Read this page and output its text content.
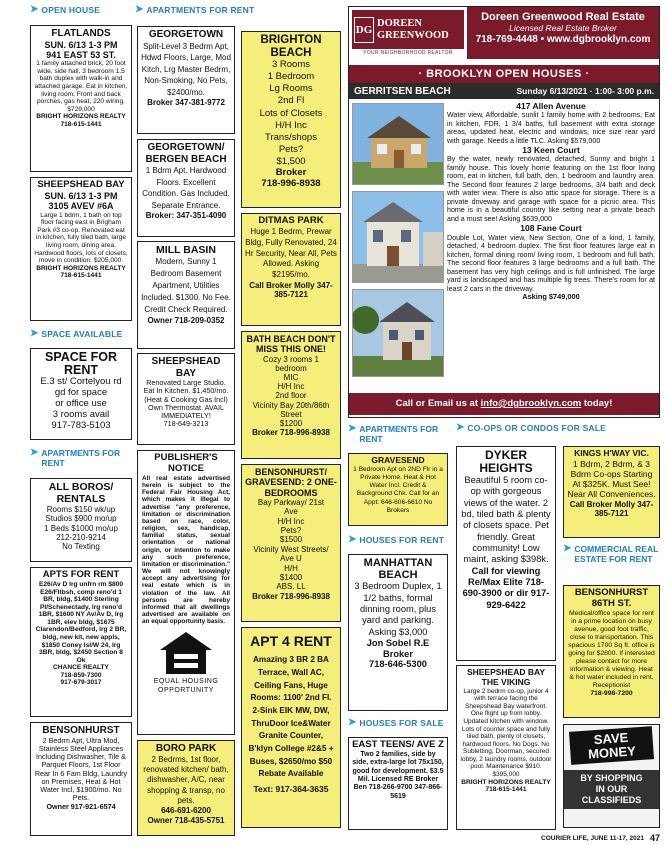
➤ OPEN HOUSE	➤ APARTMENTS FOR RENT
FLATLANDS
SUN. 6/13 1-3 PM
941 EAST 53 ST.
1 family attached brick, 20 foot wide, side hall, 3 bedroom 1.5 bath duplex with walk-in and attached garage. Eat in kitchen, living room. Front and back porches, gas heat, 220 wiring. $729,000
BRIGHT HORIZONS REALTY
718-615-1441
SHEEPSHEAD BAY
SUN. 6/13 1-3 PM
3105 AVEV #6A
Large 1 bdrm, 1 bath on top floor facing east in Brigham Park #3 co-op. Renovated eat in kitchen, fully tiled bath, large living room, dining area. Hardwood floors, lots of closets, move in condition. $205,000.
BRIGHT HORIZONS REALTY
718-615-1441
➤ SPACE AVAILABLE
SPACE FOR RENT
E.3 st/ Cortelyou rd
gd for space
or office use
3 rooms avail
917-783-5103
➤ APARTMENTS FOR RENT
ALL BOROS/ RENTALS
Rooms $150 wk/up
Studios $900 mo/up
1 Beds $1000 mo/up
212-210-9214
No Texting
APTS FOR RENT
E26/Av D lrg unfrn rm $800 E26/Fltbsh, comp reno'd 1 BR, bldg, $1400 Sterling Pl/Schenectady, lrg reno'd 1BR, $1600 NY Av/Av D, lrg 1BR, elev bldg, $1675 Clarendon/Bedford, lrg 2 BR, bldg, new kit, new appls, $1850 Coney Isl/W 24, lrg 3BR, bldg, $2450 Section 8 Ok
CHANCE REALTY
718-859-7300
917-679-3017
BENSONHURST
2 Bedrm Apt, Ultra Mod, Stainless Steel Appliances Including Dishwasher, Tile & Parquet Floors, 1st Floor Rear In 6 Fam Bldg, Laundry on Premises, Heat & Hot Water Incl, $1900/mo. No Pets.
Owner 917-921-6574
GEORGETOWN
Split-Level 3 Bedrm Apt, Hdwd Floors, Large, Mod Kitch, Lrg Master Bedrm, Non-Smoking, No Pets, $2400/mo.
Broker 347-381-9772
GEORGETOWN/ BERGEN BEACH
1 Bdrm Apt. Hardwood Floors. Excellent Condition. Gas Included. Separate Entrance.
Broker: 347-351-4090
MILL BASIN
Modern, Sunny 1 Bedroom Basement Apartment, Utilities Included. $1300. No Fee. Credit Check Required.
Owner 718-209-0352
SHEEPSHEAD BAY
Renovated Large Studio. Eat In Kitchen. $1,450/mo. (Heat & Cooking Gas Incl) Own Thermostat. AVAIL IMMEDIATELY!
718-649-3213
PUBLISHER'S NOTICE
All real estate advertised herein is subject to the Federal Fair Housing Act, which makes it illegal to advertise "any preference, limitation or discrimination based on race, color, religion, sex, handicap, familial status, sexual orientation or national origin, or intention to make any such preference, limitation or discrimination." We will not knowingly accept any advertising for real estate which is in violation of the law. All persons are hereby informed that all dwellings advertised are available on an equal opportunity basis.
EQUAL HOUSING
OPPORTUNITY
BORO PARK
2 Bedrms, 1st floor, renovated kitchen/ bath, dishwasher, A/C, near shopping & transp, no pets.
646-691-6200
Owner 718-435-5751
BRIGHTON BEACH
3 Rooms
1 Bedroom
Lg Rooms
2nd Fl
Lots of Closets
H/H Inc
Trans/shops
Pets?
$1,500
Broker
718-996-8938
DITMAS PARK
Huge 1 Bedrm, Prewar Bldg, Fully Renovated, 24 Hr Security, Near All, Pets Allowed. Asking $2195/mo.
Call Broker Molly 347-385-7121
BATH BEACH DON'T MISS THIS ONE!
Cozy 3 rooms 1
bedroom
MIC
H/H Inc
2nd floor
Vicinity Bay 20th/86th
Street
$1200
Broker 718-996-8938
BENSONHURST/ GRAVESEND: 2 ONE-BEDROOMS
Bay Parkway/ 21st
Ave
H/H Inc
Pets?
$1500
Vicinity West Streets/
Ave U
H/H
$1400
ABS. LL
Broker 718-996-8938
APT 4 RENT
Amazing 3 BR 2 BA Terrace, Wall AC, Ceiling Fans, Huge Rooms: 1100' 2nd Fl. 2-Sink EIK MW, DW, ThruDoor Ice&Water Granite Counter, B'klyn College #2&5 + Buses, $2650/mo $50 Rebate Available
Text: 917-364-3635
DG DOREEN
GREENWOOD
YOUR NEIGHBORHOOD REALTOR
Doreen Greenwood Real Estate
Licensed Real Estate Broker
718-769-4448 • www.dgbrooklyn.com
· BROOKLYN OPEN HOUSES ·
GERRITSEN BEACH	Sunday 6/13/2021 · 1:00- 3:00 p.m.
417 Allen Avenue

Water view, Affordable, sunlit 1 family home with 2 bedrooms, Eat in kitchen, FDR, 1 3/4 baths, full basement with extra storage areas, updated heat, electric and windows, nice size rear yard with garage. Needs a little TLC. Asking $579,000

13 Keen Court

By the water, newly renovated, detached, Sunny and bright 1 family house. This lovely home featuring on the 1st floor living room, eat in kitchen, full bath, den, 1 bedroom and laundry area. The Second floor features 2 large bedrooms, 3/4 bath and deck with water view. There is also attic space for storage. There is a private driveway and garage with space for a picnic area. This home is in a beautiful country like setting near a private beach and a must see! Asking $639,000

108 Fane Court

Double Lot, Water view, New Section, One of a kind, 1 family, detached, 4 bedroom duplex. The first floor features large eat in kitchen, formal dining room/ living room, 1 bedroom and full bath. The second floor features 3 large bedrooms and a full bath. The basement has very high ceilings and is full unfinished. The large yard is landscaped and has multiple fig trees. There's room for at least 2 cars in the driveway.

Asking $749,000
Call or Email us at info@dgbrooklyn.com today!
➤ APARTMENTS FOR RENT
GRAVESEND
1 Bedroom Apt on 2ND Flr in a Private Home. Heat & Hot Water Incl. Credit & Background Chk. Call for an Appt: 646-606-6610 No Brokers
➤ HOUSES FOR RENT
MANHATTAN BEACH
3 Bedroom Duplex, 1 1/2 baths, formal dinning room, plus yard and parking. Asking $3,000
Jon Sobel R.E Broker
718-646-5300
➤ HOUSES FOR SALE
EAST TEENS/ AVE Z
Two 2 families, side by side, extra-large lot 75x150, good for development. $3.5 Mil. Licensed RE Broker Ben 718-266-9700 347-866-5619
➤ CO-OPS OR CONDOS FOR SALE
DYKER HEIGHTS
Beautiful 5 room co-op with gorgeous views of the water. 2 bd, tiled bath & plenty of closets space. Pet friendly. Great community! Low maint, asking $398k.
Call for viewing Re/Max Elite 718-690-3900 or dir 917-929-6422
SHEEPSHEAD BAY THE VIKING
Large 2 bedrm co-op, junior 4 with terrace facing the Sheepshead Bay waterfront. One flight up from lobby. Updated kitchen with window. Lots of counter space and fully tiled bath, plenty of closets, hardwood floors. No Dogs. No Subletting, Doorman, secured lobby, 2 laundry rooms, outdoor pool. Maintenance $910. $395,000
BRIGHT HORIZONS REALTY
718-615-1441
KINGS H'WAY VIC.
1 Bdrm, 2 Bdrm, & 3 Bdrm Co-ops Starting At $325K. Must See! Near All Conveniences.
Call Broker Molly 347-385-7121
➤ COMMERCIAL REAL ESTATE FOR RENT
BENSONHURST 86TH ST.
Medical/office space for rent in a prime location on busy avenue, good foot traffic, close to transportation. This spacious 1700 Sq ft. office is going for $2800. If interested please contact for more information & viewing. Heat & hot water included in rent. Receptionist
718-998-7200
SAVE
MONEY
BY SHOPPING
IN OUR
CLASSIFIEDS
COURIER LIFE, JUNE 11-17, 2021 47
